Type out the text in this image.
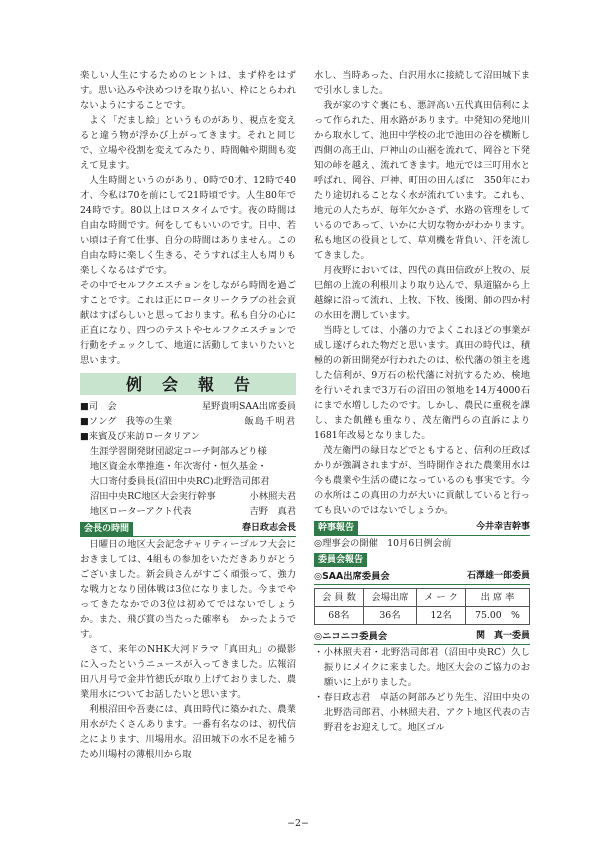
楽しい人生にするためのヒントは、まず枠をはずす。思い込みや決めつけを取り払い、枠にとらわれないようにすることです。

よく「だまし絵」というものがあり、視点を変えると違う物が浮かび上がってきます。それと同じで、立場や役割を変えてみたり、時間軸や期間も変えて見ます。

人生時間というのがあり、0時で0才、12時で40才、今私は70を前にして21時頃です。人生80年で24時です。80以上はロスタイムです。夜の時間は自由な時間です。何をしてもいいのです。日中、若い頃は子育て仕事、自分の時間はありません。この自由な時に楽しく生きる、そうすれば主人も周りも楽しくなるはずです。

その中でセルフクエスチョンをしながら時間を過ごすことです。これは正にロータリークラブの社会貢献はすばらしいと思っております。私も自分の心に正直になり、四つのテストやセルフクエスチョンで行動をチェックして、地道に活動してまいりたいと思います。

例会報告
■司　会	星野貴明SAA出席委員
■ソング　我等の生業	飯島千明君
■来賓及び来訪ロータリアン
生涯学習開発財団認定コーチ阿部みどり様
地区資金水準推進・年次寄付・恒久基金・
大口寄付委員長(沼田中央RC)北野浩司郎君
沼田中央RC地区大会実行幹事	小林照夫君
地区ローターアクト代表	吉野　真君
会長の時間	春日政志会長

日曜日の地区大会記念チャリティーゴルフ大会におきましては、4組もの参加をいただきありがとうございました。新会員さんがすごく頑張って、強力な戦力となり団体戦は3位になりました。今までやってきたなかでの3位は初めてではないでしょうか。また、飛び賞の当たった確率も　かったようです。

さて、来年のNHK大河ドラマ「真田丸」の撮影に入ったというニュースが入ってきました。広報沼田八月号で金井竹徳氏が取り上げておりました、農業用水についてお話したいと思います。

利根沼田や吾妻には、真田時代に築かれた、農業用水がたくさんあります。一番有名なのは、初代信之によります、川場用水。沼田城下の水不足を補うため川場村の薄根川から取

水し、当時あった、白沢用水に接続して沼田城下まで引水しました。

我が家のすぐ裏にも、悪評高い五代真田信利によって作られた、用水路があります。中発知の発地川から取水して、池田中学校の北で池田の谷を横断し西側の高王山、戸神山の山裾を流れて、岡谷と下発知の峠を越え、流れてきます。地元では三叮用水と呼ばれ、岡谷、戸神、町田の田んぼに　350年にわたり途切れることなく水が流れています。これも、地元の人たちが、毎年欠かさず、水路の管理をしているのであって、いかに大切な物かがわかります。私も地区の役員として、草刈機を背負い、汗を流してきました。

月夜野においては、四代の真田信政が上牧の、辰巳館の上流の利根川より取り込んで、県道脇から上越線に沿って流れ、上牧、下牧、後閑、師の四か村の水田を潤しています。

当時としては、小藩の力でよくこれほどの事業が成し遂げられた物だと思います。真田の時代は、積極的の新田開発が行われたのは、松代藩の領主を逃した信利が、9万石の松代藩に対抗するため、検地を行いそれまで3万石の沼田の領地を14万4000石にまで水増ししたのです。しかし、農民に重税を課し、また飢饉も重なり、茂左衛門らの直訴により1681年改易となりました。

茂左衛門の緑日などでともすると、信利の圧政ばかりが強調されますが、当時開作された農業用水は今も農業や生活の礎になっているのも事実です。今の水所はこの真田の力が大いに貢献していると行っても良いのではないでしょうか。

幹事報告	今井幸吉幹事
◎理事会の開催　10月6日例会前
委員会報告
◎SAA出席委員会	石澤雄一郎委員
会 員 数	会場出席	メ ー ク	出 席 率
68名	36名	12名	75.00　%
◎ニコニコ委員会	関　真一委員
・小林照夫君・北野浩司郎君（沼田中央RC）久し振りにメイクに来ました。地区大会のご協力のお願いに上がりました。
・春日政志君　卓話の阿部みどり先生、沼田中央の北野浩司郎君、小林照夫君、アクト地区代表の吉野君をお迎えして。地区ゴル
−2−
